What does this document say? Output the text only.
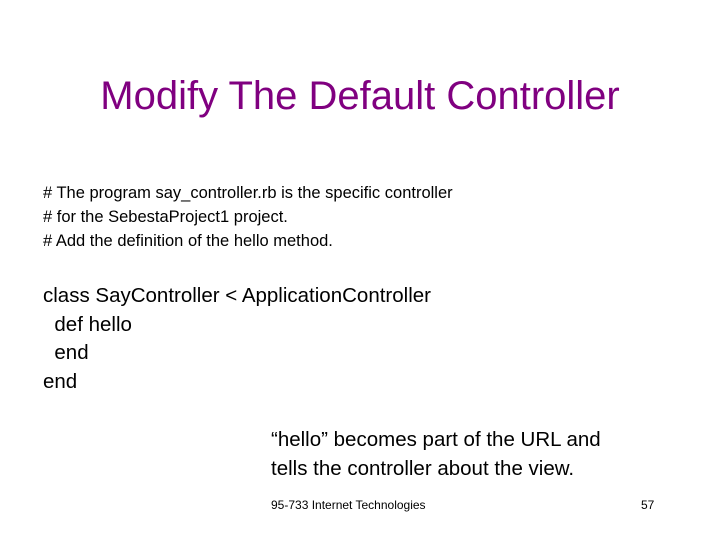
Modify The Default Controller
# The program say_controller.rb is the specific controller
# for the SebestaProject1 project.
# Add the definition of the hello method.
class SayController < ApplicationController
def hello
end
end
“hello” becomes part of the URL and
tells the controller about the view.
95-733 Internet Technologies	57
